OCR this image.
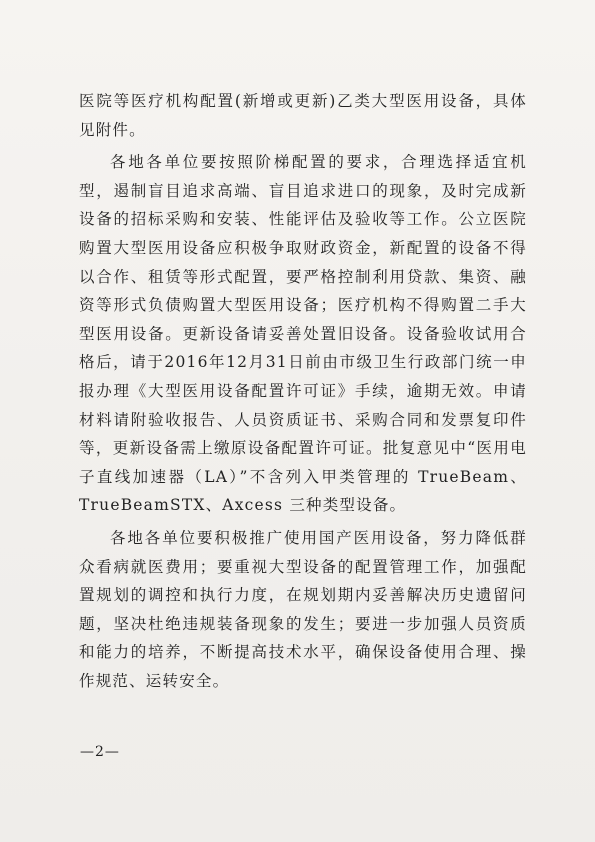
医院等医疗机构配置(新增或更新)乙类大型医用设备，具体见附件。

各地各单位要按照阶梯配置的要求，合理选择适宜机型，遏制盲目追求高端、盲目追求进口的现象，及时完成新设备的招标采购和安装、性能评估及验收等工作。公立医院购置大型医用设备应积极争取财政资金，新配置的设备不得以合作、租赁等形式配置，要严格控制利用贷款、集资、融资等形式负债购置大型医用设备；医疗机构不得购置二手大型医用设备。更新设备请妥善处置旧设备。设备验收试用合格后，请于2016年12月31日前由市级卫生行政部门统一申报办理《大型医用设备配置许可证》手续，逾期无效。申请材料请附验收报告、人员资质证书、采购合同和发票复印件等，更新设备需上缴原设备配置许可证。批复意见中“医用电子直线加速器（LA）”不含列入甲类管理的 TrueBeam、TrueBeamSTX、Axcess 三种类型设备。

各地各单位要积极推广使用国产医用设备，努力降低群众看病就医费用；要重视大型设备的配置管理工作，加强配置规划的调控和执行力度，在规划期内妥善解决历史遗留问题，坚决杜绝违规装备现象的发生；要进一步加强人员资质和能力的培养，不断提高技术水平，确保设备使用合理、操作规范、运转安全。

—2—
